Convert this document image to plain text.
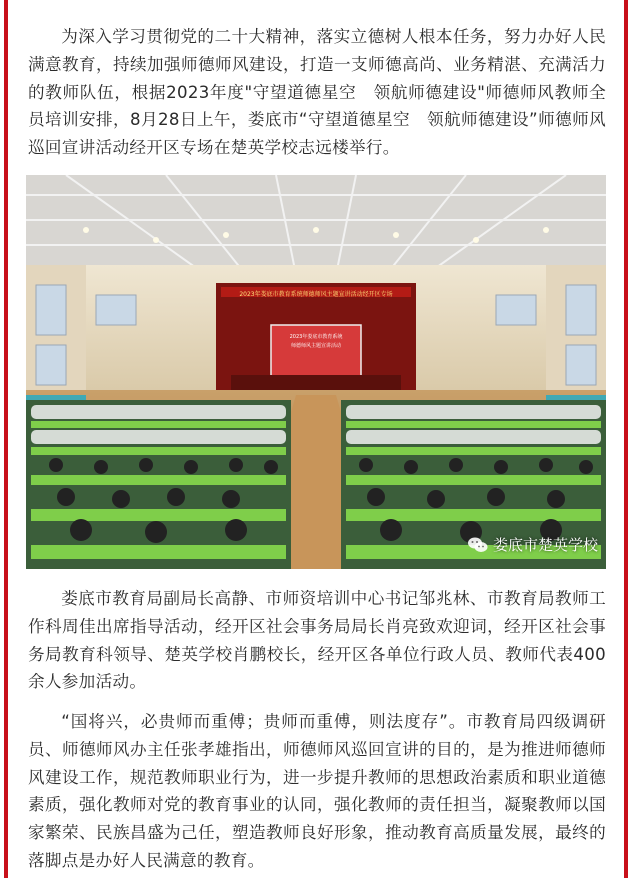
为深入学习贯彻党的二十大精神，落实立德树人根本任务，努力办好人民满意教育，持续加强师德师风建设，打造一支师德高尚、业务精湛、充满活力的教师队伍，根据2023年度"守望道德星空　领航师德建设"师德师风教师全员培训安排，8月28日上午，娄底市“守望道德星空　领航师德建设”师德师风巡回宣讲活动经开区专场在楚英学校志远楼举行。

2023年娄底市教育系统师德师风主题宣讲活动经开区专场
2023年娄底市教育系统
师德师风主题宣讲活动
娄底市楚英学校

娄底市教育局副局长高静、市师资培训中心书记邹兆林、市教育局教师工作科周佳出席指导活动，经开区社会事务局局长肖亮致欢迎词，经开区社会事务局教育科领导、楚英学校肖鹏校长，经开区各单位行政人员、教师代表400余人参加活动。

“国将兴，必贵师而重傅；贵师而重傅，则法度存”。市教育局四级调研员、师德师风办主任张孝雄指出，师德师风巡回宣讲的目的，是为推进师德师风建设工作，规范教师职业行为，进一步提升教师的思想政治素质和职业道德素质，强化教师对党的教育事业的认同，强化教师的责任担当，凝聚教师以国家繁荣、民族昌盛为己任，塑造教师良好形象，推动教育高质量发展，最终的落脚点是办好人民满意的教育。
